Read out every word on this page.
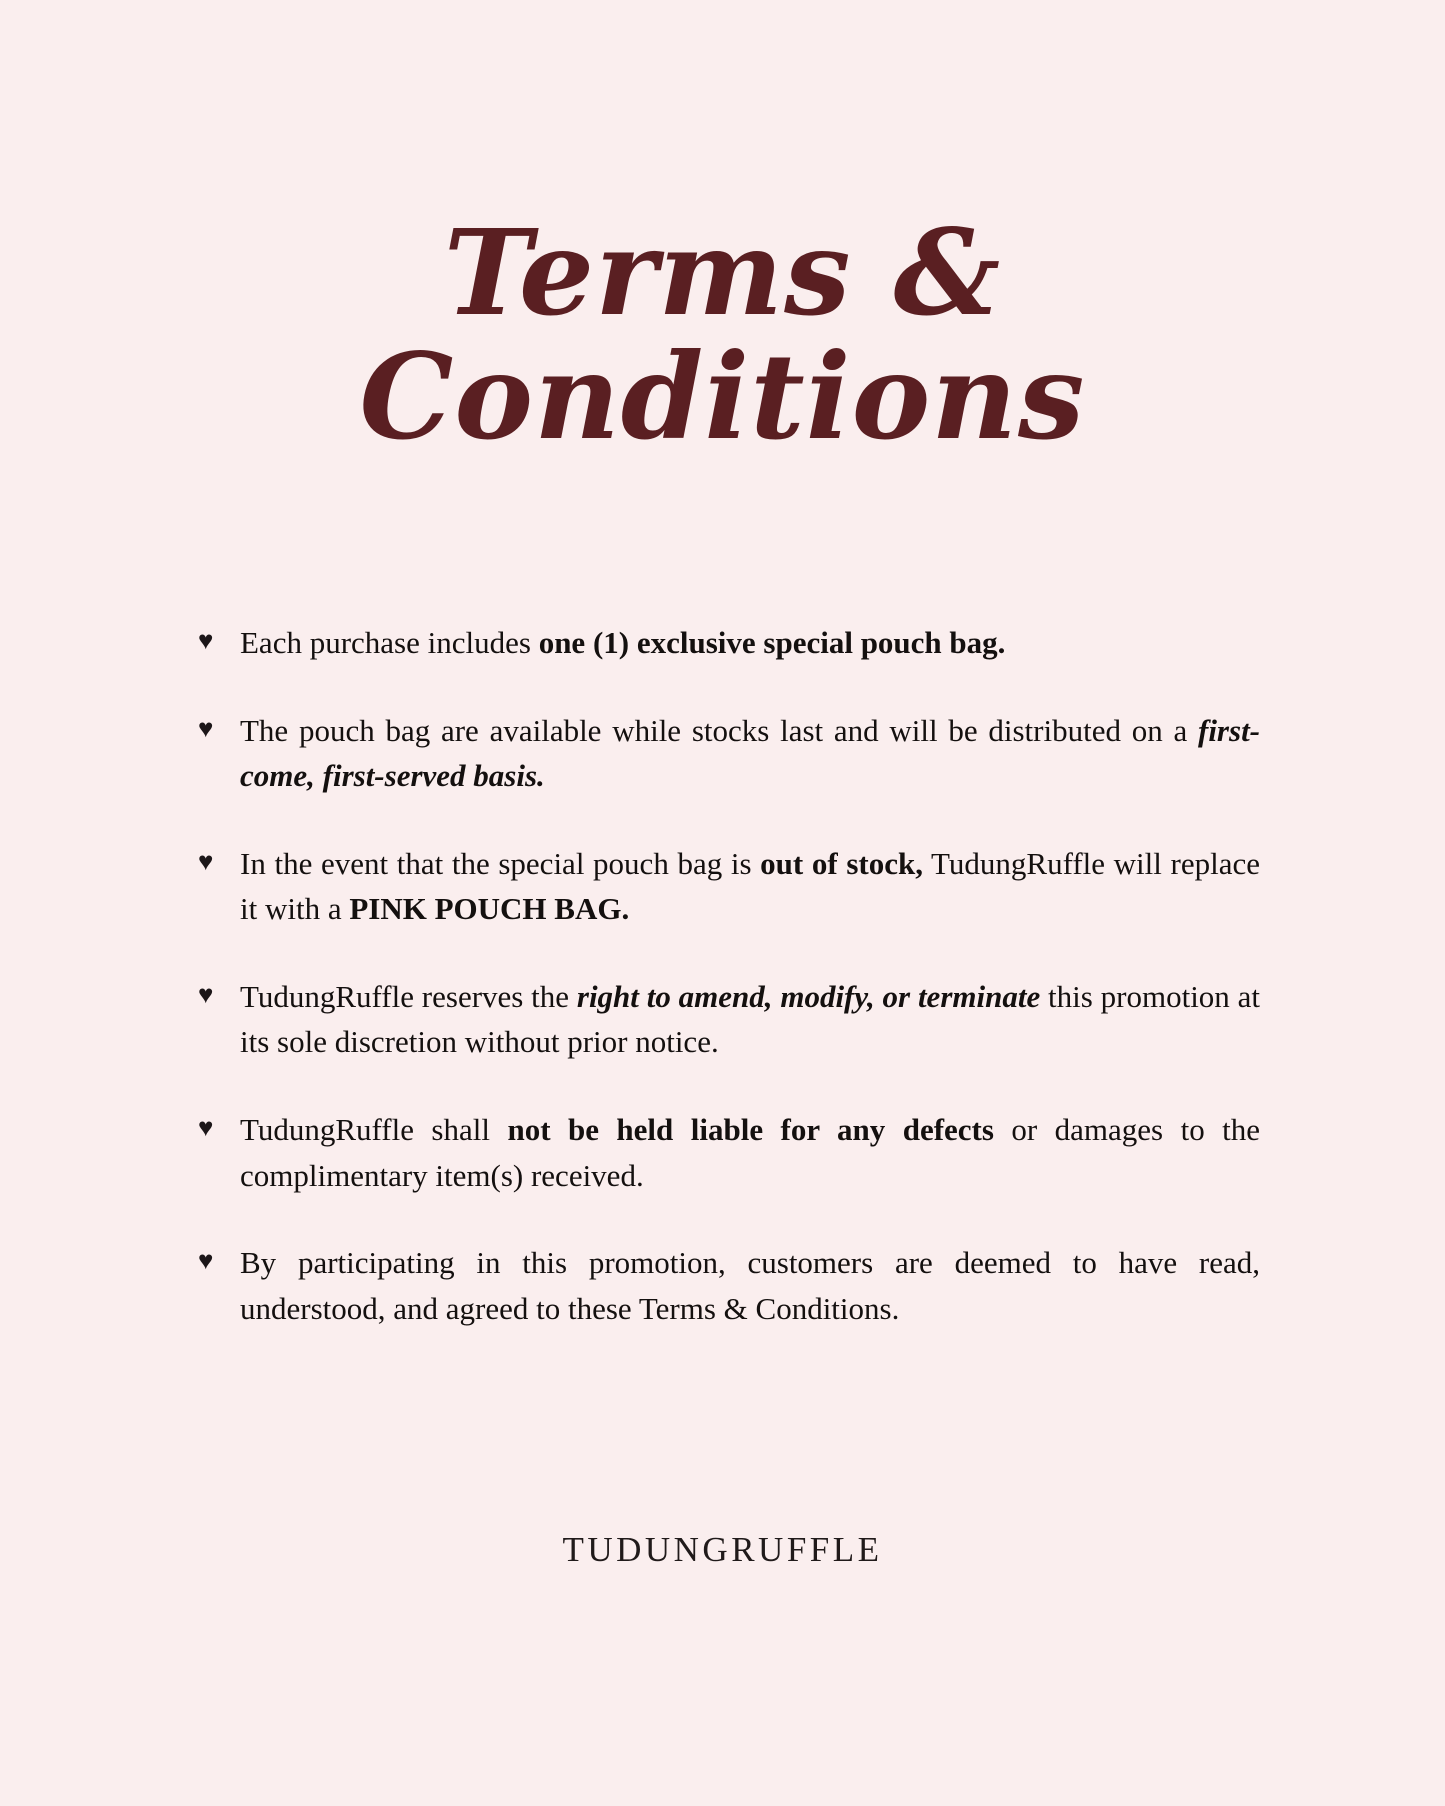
Terms &
Conditions
♥ Each purchase includes one (1) exclusive special pouch bag.
♥ The pouch bag are available while stocks last and will be distributed on a first-come, first-served basis.
♥ In the event that the special pouch bag is out of stock, TudungRuffle will replace it with a PINK POUCH BAG.
♥ TudungRuffle reserves the right to amend, modify, or terminate this promotion at its sole discretion without prior notice.
♥ TudungRuffle shall not be held liable for any defects or damages to the complimentary item(s) received.
♥ By participating in this promotion, customers are deemed to have read, understood, and agreed to these Terms & Conditions.
TUDUNGRUFFLE
